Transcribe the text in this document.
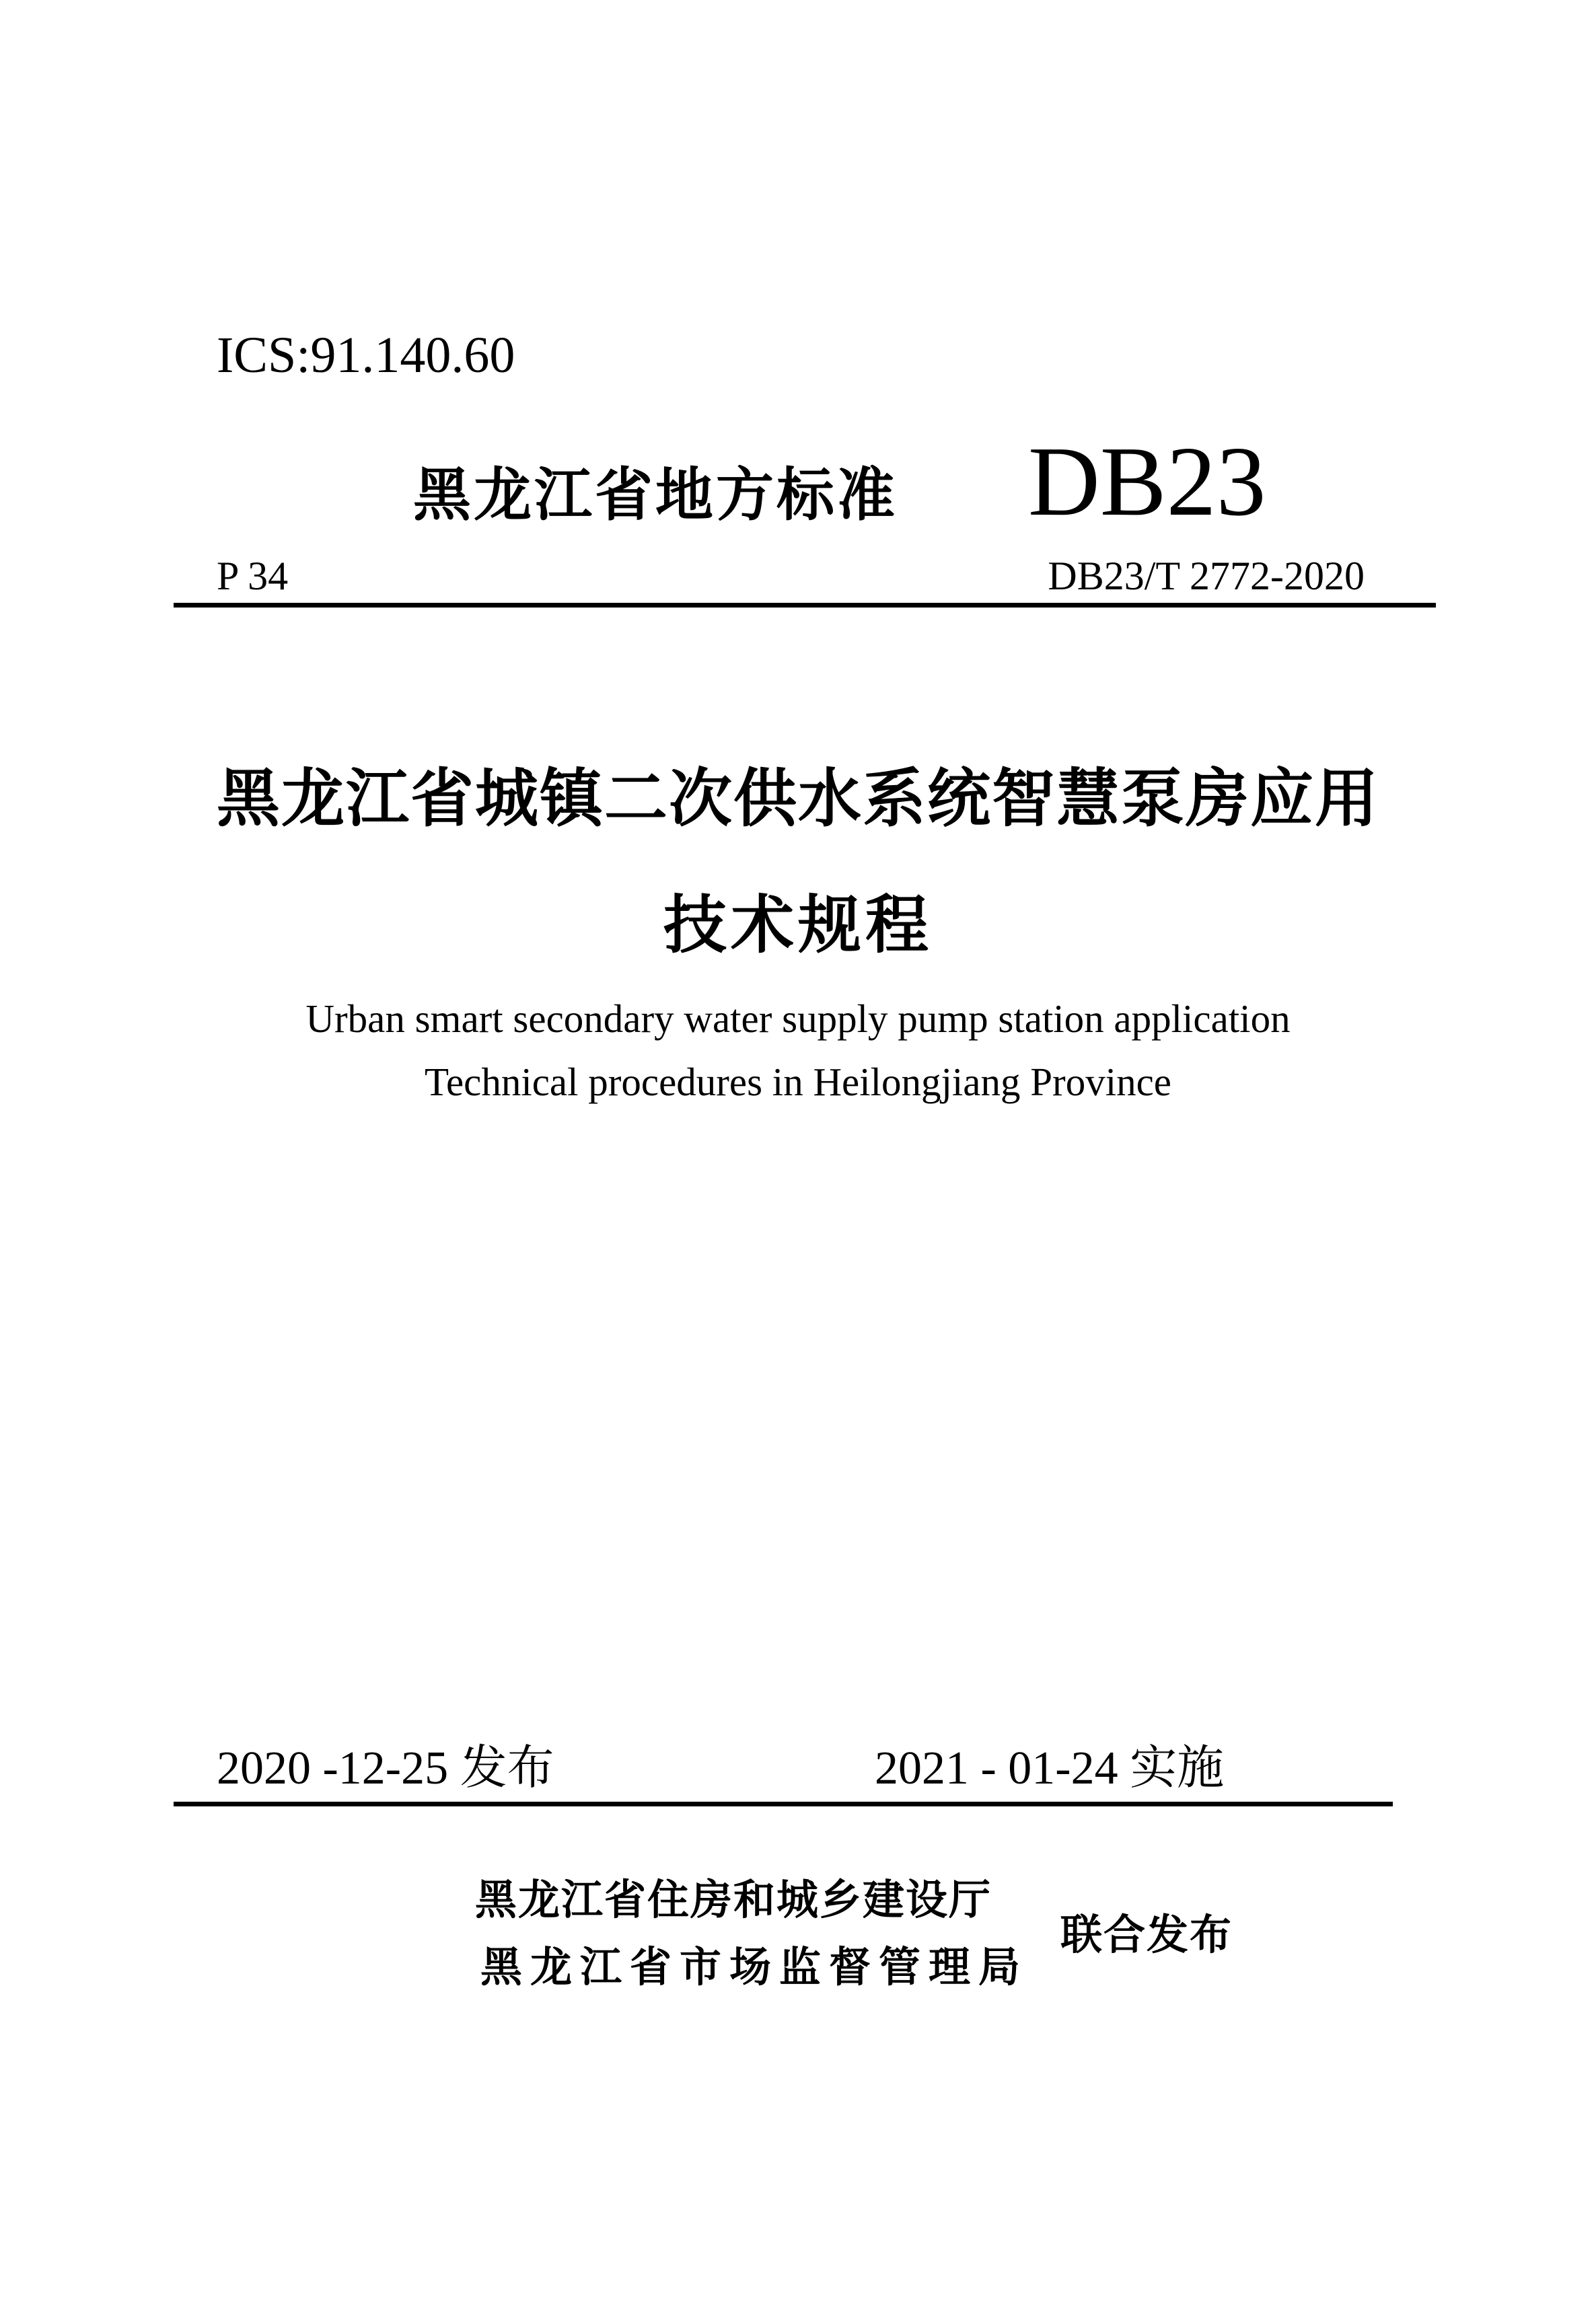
ICS:91.140.60
黑龙江省地方标准 DB23
P 34	DB23/T 2772-2020
黑龙江省城镇二次供水系统智慧泵房应用
技术规程
Urban smart secondary water supply pump station application
Technical procedures in Heilongjiang Province
2020 -12-25 发布	2021 - 01-24 实施
黑龙江省住房和城乡建设厅
黑龙江省市场监督管理局
联合发布
